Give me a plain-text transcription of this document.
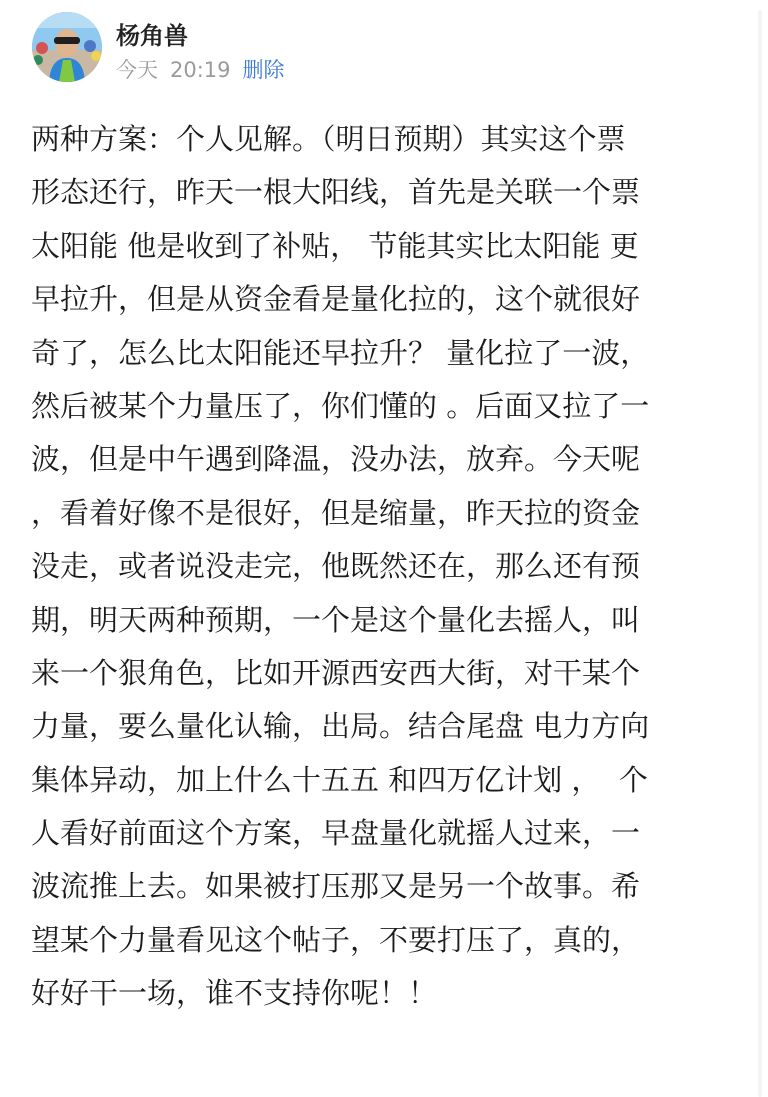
杨角兽
今天 20:19 删除
两种方案：个人见解。（明日预期）其实这个票
形态还行，昨天一根大阳线，首先是关联一个票
太阳能 他是收到了补贴， 节能其实比太阳能 更
早拉升，但是从资金看是量化拉的，这个就很好
奇了，怎么比太阳能还早拉升？ 量化拉了一波，
然后被某个力量压了，你们懂的 。后面又拉了一
波，但是中午遇到降温，没办法，放弃。今天呢
，看着好像不是很好，但是缩量，昨天拉的资金
没走，或者说没走完，他既然还在，那么还有预
期，明天两种预期，一个是这个量化去摇人，叫
来一个狠角色，比如开源西安西大街，对干某个
力量，要么量化认输，出局。结合尾盘 电力方向
集体异动，加上什么十五五 和四万亿计划 ，  个
人看好前面这个方案，早盘量化就摇人过来，一
波流推上去。如果被打压那又是另一个故事。希
望某个力量看见这个帖子，不要打压了，真的，
好好干一场，谁不支持你呢！！
